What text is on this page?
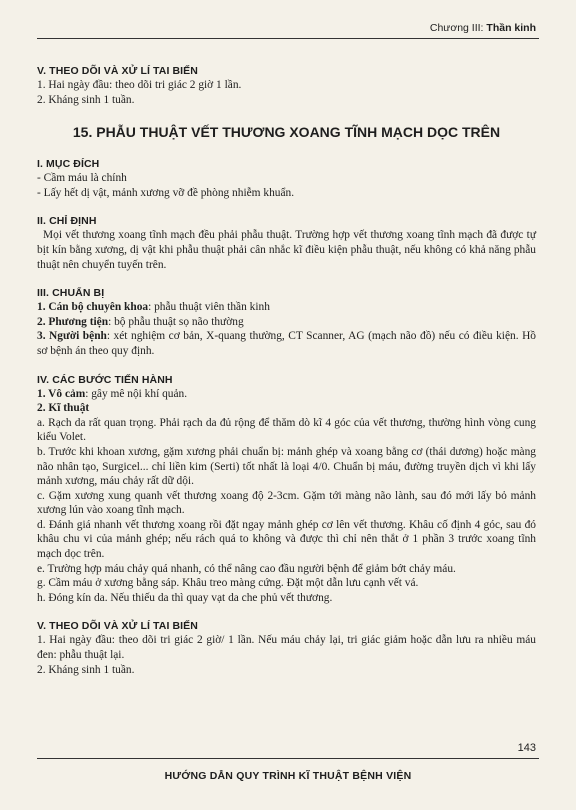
Chương III: Thần kinh

V. THEO DÕI VÀ XỬ LÍ TAI BIẾN

1. Hai ngày đầu: theo dõi tri giác 2 giờ 1 lần.

2. Kháng sinh 1 tuần.

15. PHẪU THUẬT VẾT THƯƠNG XOANG TĨNH MẠCH DỌC TRÊN

I. MỤC ĐÍCH

- Cầm máu là chính

- Lấy hết dị vật, mảnh xương vỡ đề phòng nhiễm khuẩn.

II. CHỈ ĐỊNH

Mọi vết thương xoang tĩnh mạch đều phải phẫu thuật. Trường hợp vết thương xoang tĩnh mạch đã được tự bịt kín bằng xương, dị vật khi phẫu thuật phải cân nhắc kĩ điều kiện phẫu thuật, nếu không có khả năng phẫu thuật nên chuyển tuyến trên.

III. CHUẨN BỊ

1. Cán bộ chuyên khoa: phẫu thuật viên thần kinh

2. Phương tiện: bộ phẫu thuật sọ não thường

3. Người bệnh: xét nghiệm cơ bản, X-quang thường, CT Scanner, AG (mạch não đồ) nếu có điều kiện. Hồ sơ bệnh án theo quy định.

IV. CÁC BƯỚC TIẾN HÀNH

1. Vô cảm: gây mê nội khí quản.

2. Kĩ thuật

a. Rạch da rất quan trọng. Phải rạch da đủ rộng để thăm dò kĩ 4 góc của vết thương, thường hình vòng cung kiểu Volet.

b. Trước khi khoan xương, gặm xương phải chuẩn bị: mảnh ghép và xoang bằng cơ (thái dương) hoặc màng não nhân tạo, Surgicel... chỉ liền kim (Serti) tốt nhất là loại 4/0. Chuẩn bị máu, đường truyền dịch vì khi lấy mảnh xương, máu chảy rất dữ dội.

c. Gặm xương xung quanh vết thương xoang độ 2-3cm. Gặm tới màng não lành, sau đó mới lấy bỏ mảnh xương lún vào xoang tĩnh mạch.

d. Đánh giá nhanh vết thương xoang rồi đặt ngay mảnh ghép cơ lên vết thương. Khâu cố định 4 góc, sau đó khâu chu vi của mảnh ghép; nếu rách quá to không và được thì chỉ nên thắt ở 1 phần 3 trước xoang tĩnh mạch dọc trên.

e. Trường hợp máu chảy quá nhanh, có thể nâng cao đầu người bệnh để giảm bớt chảy máu.

g. Cầm máu ở xương bằng sáp. Khâu treo màng cứng. Đặt một dẫn lưu cạnh vết vá.

h. Đóng kín da. Nếu thiếu da thì quay vạt da che phủ vết thương.

V. THEO DÕI VÀ XỬ LÍ TAI BIẾN

1. Hai ngày đầu: theo dõi tri giác 2 giờ/ 1 lần. Nếu máu chảy lại, tri giác giảm hoặc dẫn lưu ra nhiều máu đen: phẫu thuật lại.

2. Kháng sinh 1 tuần.

143
HƯỚNG DẪN QUY TRÌNH KĨ THUẬT BỆNH VIỆN
